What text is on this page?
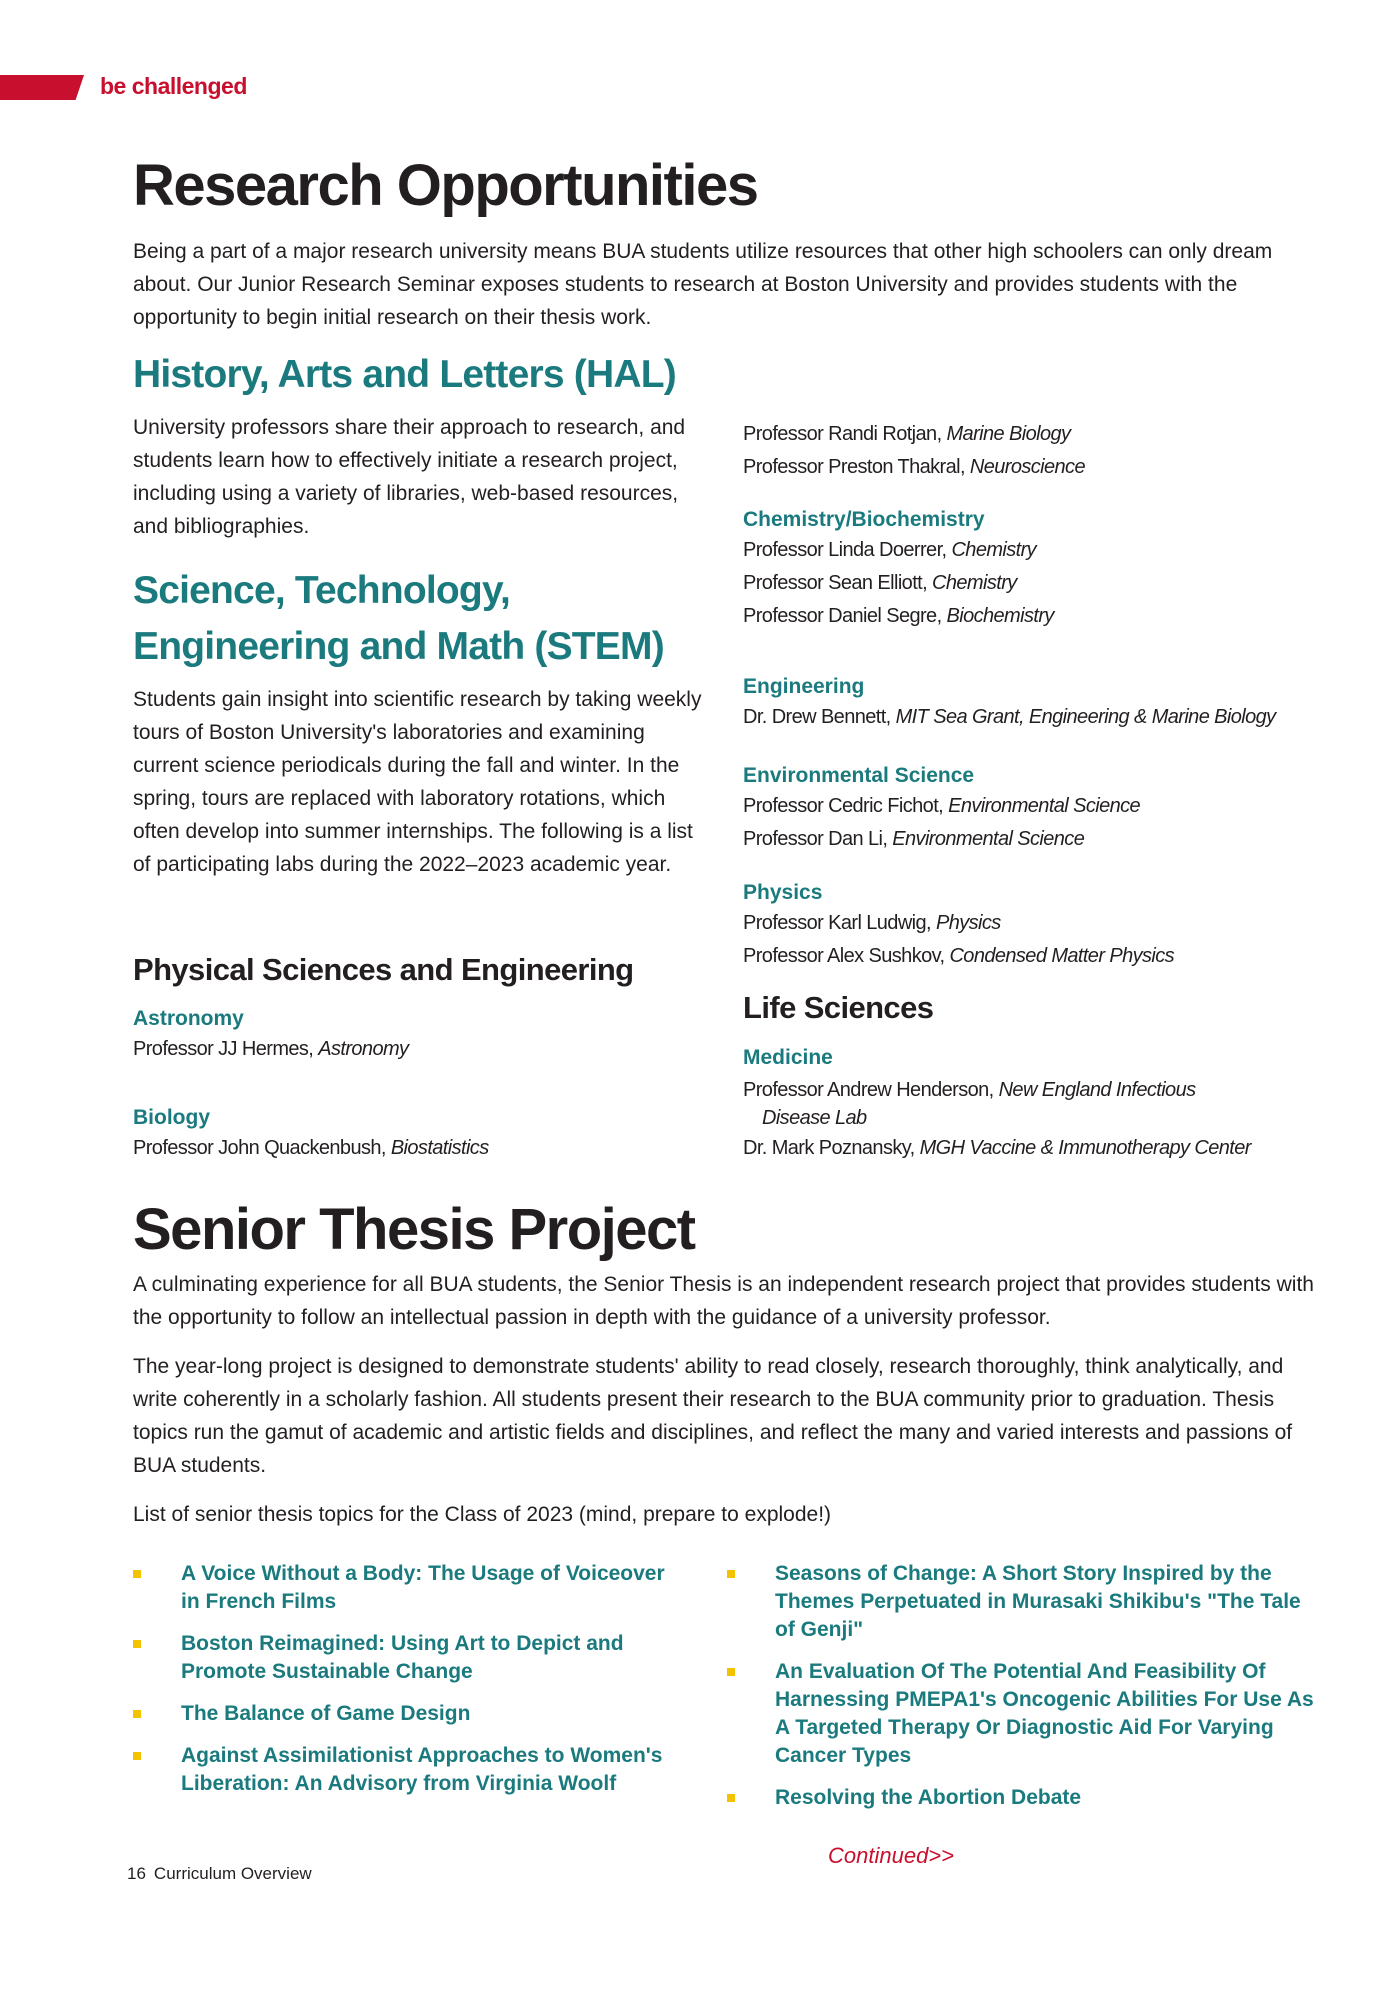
be challenged
Research Opportunities

Being a part of a major research university means BUA students utilize resources that other high schoolers can only dream about. Our Junior Research Seminar exposes students to research at Boston University and provides students with the opportunity to begin initial research on their thesis work.

History, Arts and Letters (HAL)

University professors share their approach to research, and students learn how to effectively initiate a research project, including using a variety of libraries, web-based resources, and bibliographies.

Science, Technology,
Engineering and Math (STEM)

Students gain insight into scientific research by taking weekly tours of Boston University's laboratories and examining current science periodicals during the fall and winter. In the spring, tours are replaced with laboratory rotations, which often develop into summer internships. The following is a list of participating labs during the 2022–2023 academic year.

Physical Sciences and Engineering
Astronomy
Professor JJ Hermes, Astronomy
Biology
Professor John Quackenbush, Biostatistics
Professor Randi Rotjan, Marine Biology
Professor Preston Thakral, Neuroscience
Chemistry/Biochemistry
Professor Linda Doerrer, Chemistry
Professor Sean Elliott, Chemistry
Professor Daniel Segre, Biochemistry
Engineering
Dr. Drew Bennett, MIT Sea Grant, Engineering & Marine Biology
Environmental Science
Professor Cedric Fichot, Environmental Science
Professor Dan Li, Environmental Science
Physics
Professor Karl Ludwig, Physics
Professor Alex Sushkov, Condensed Matter Physics
Life Sciences
Medicine
Professor Andrew Henderson, New England Infectious
Disease Lab
Dr. Mark Poznansky, MGH Vaccine & Immunotherapy Center
Senior Thesis Project

A culminating experience for all BUA students, the Senior Thesis is an independent research project that provides students with the opportunity to follow an intellectual passion in depth with the guidance of a university professor.

The year-long project is designed to demonstrate students' ability to read closely, research thoroughly, think analytically, and write coherently in a scholarly fashion. All students present their research to the BUA community prior to graduation. Thesis topics run the gamut of academic and artistic fields and disciplines, and reflect the many and varied interests and passions of BUA students.

List of senior thesis topics for the Class of 2023 (mind, prepare to explode!)

A Voice Without a Body: The Usage of Voiceover in French Films
Boston Reimagined: Using Art to Depict and Promote Sustainable Change
The Balance of Game Design
Against Assimilationist Approaches to Women's Liberation: An Advisory from Virginia Woolf
Seasons of Change: A Short Story Inspired by the Themes Perpetuated in Murasaki Shikibu's "The Tale of Genji"
An Evaluation Of The Potential And Feasibility Of Harnessing PMEPA1's Oncogenic Abilities For Use As A Targeted Therapy Or Diagnostic Aid For Varying Cancer Types
Resolving the Abortion Debate
Continued>>
16 Curriculum Overview
